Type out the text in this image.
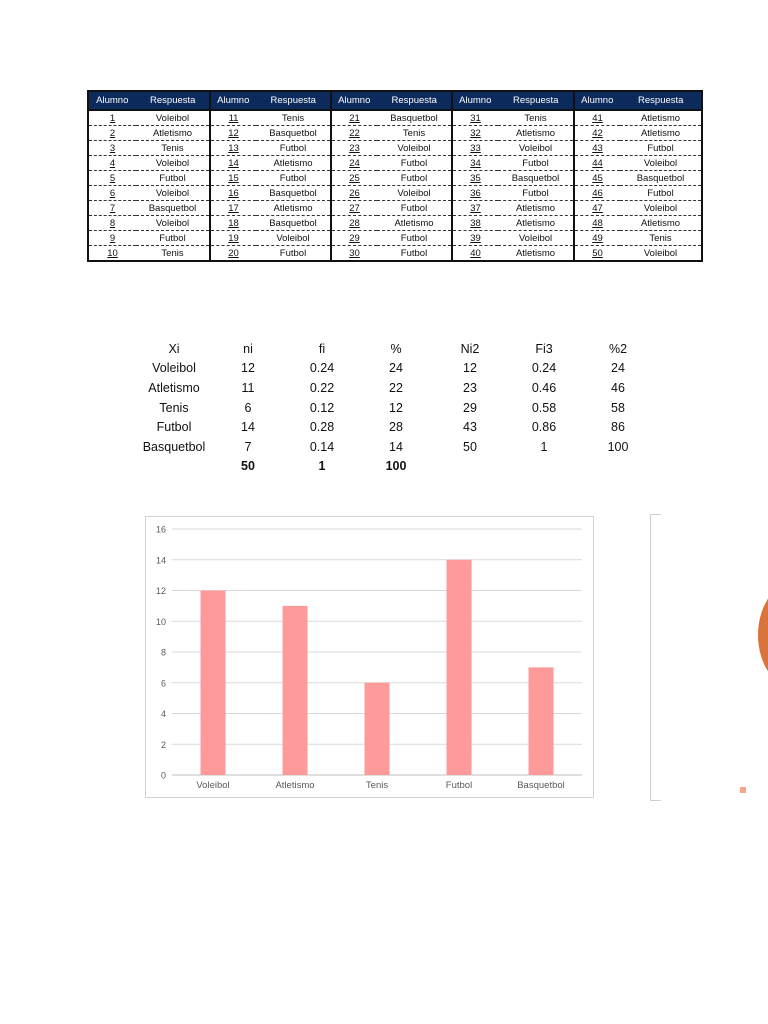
Alumno	Respuesta	Alumno	Respuesta	Alumno	Respuesta	Alumno	Respuesta	Alumno	Respuesta
1	Voleibol	11	Tenis	21	Basquetbol	31	Tenis	41	Atletismo
2	Atletismo	12	Basquetbol	22	Tenis	32	Atletismo	42	Atletismo
3	Tenis	13	Futbol	23	Voleibol	33	Voleibol	43	Futbol
4	Voleibol	14	Atletismo	24	Futbol	34	Futbol	44	Voleibol
5	Futbol	15	Futbol	25	Futbol	35	Basquetbol	45	Basquetbol
6	Voleibol	16	Basquetbol	26	Voleibol	36	Futbol	46	Futbol
7	Basquetbol	17	Atletismo	27	Futbol	37	Atletismo	47	Voleibol
8	Voleibol	18	Basquetbol	28	Atletismo	38	Atletismo	48	Atletismo
9	Futbol	19	Voleibol	29	Futbol	39	Voleibol	49	Tenis
10	Tenis	20	Futbol	30	Futbol	40	Atletismo	50	Voleibol
Xi	ni	fi	%	Ni2	Fi3	%2
Voleibol	12	0.24	24	12	0.24	24
Atletismo	11	0.22	22	23	0.46	46
Tenis	6	0.12	12	29	0.58	58
Futbol	14	0.28	28	43	0.86	86
Basquetbol	7	0.14	14	50	1	100
	50	1	100			
0
2
4
6
8
10
12
14
16
Voleibol	Atletismo	Tenis	Futbol	Basquetbol
